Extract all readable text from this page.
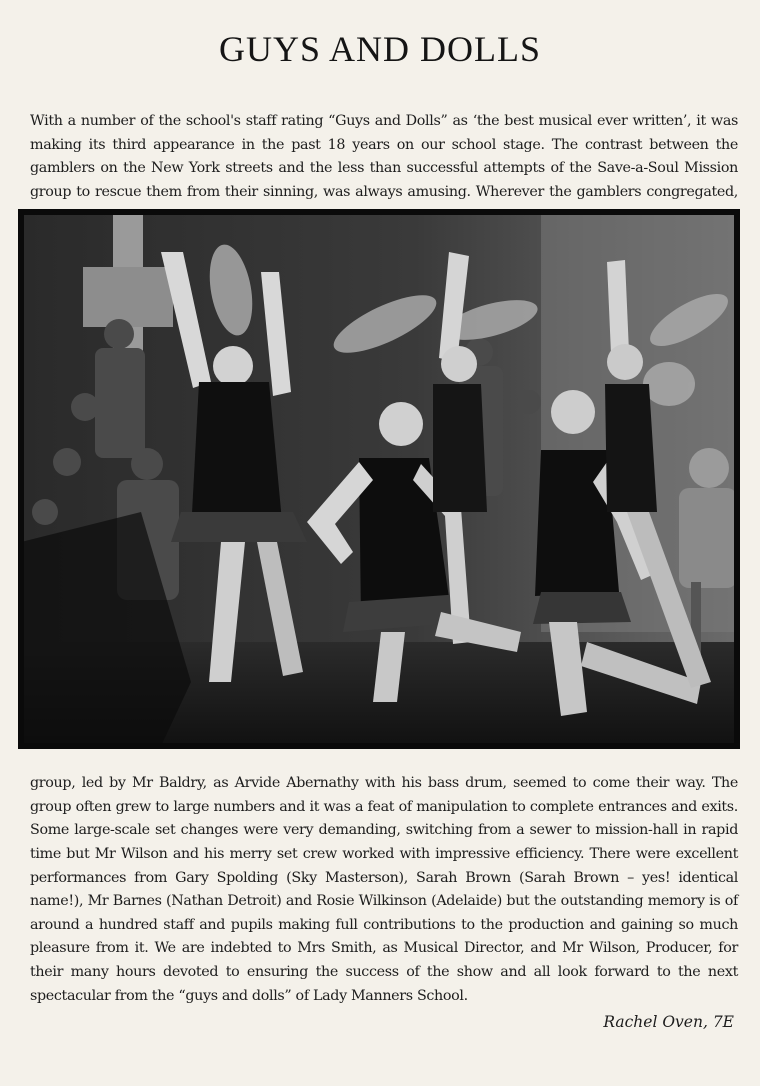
GUYS AND DOLLS

With a number of the school's staff rating “Guys and Dolls” as ‘the best musical ever written’, it was making its third appearance in the past 18 years on our school stage. The contrast between the gamblers on the New York streets and the less than successful attempts of the Save-a-Soul Mission group to rescue them from their sinning, was always amusing. Wherever the gamblers congregated,

group, led by Mr Baldry, as Arvide Abernathy with his bass drum, seemed to come their way. The group often grew to large numbers and it was a feat of manipulation to complete entrances and exits. Some large-scale set changes were very demanding, switching from a sewer to mission-hall in rapid time but Mr Wilson and his merry set crew worked with impressive efficiency. There were excellent performances from Gary Spolding (Sky Masterson), Sarah Brown (Sarah Brown – yes! identical name!), Mr Barnes (Nathan Detroit) and Rosie Wilkinson (Adelaide) but the outstanding memory is of around a hundred staff and pupils making full contributions to the production and gaining so much pleasure from it. We are indebted to Mrs Smith, as Musical Director, and Mr Wilson, Producer, for their many hours devoted to ensuring the success of the show and all look forward to the next spectacular from the “guys and dolls” of Lady Manners School.

Rachel Oven, 7E
